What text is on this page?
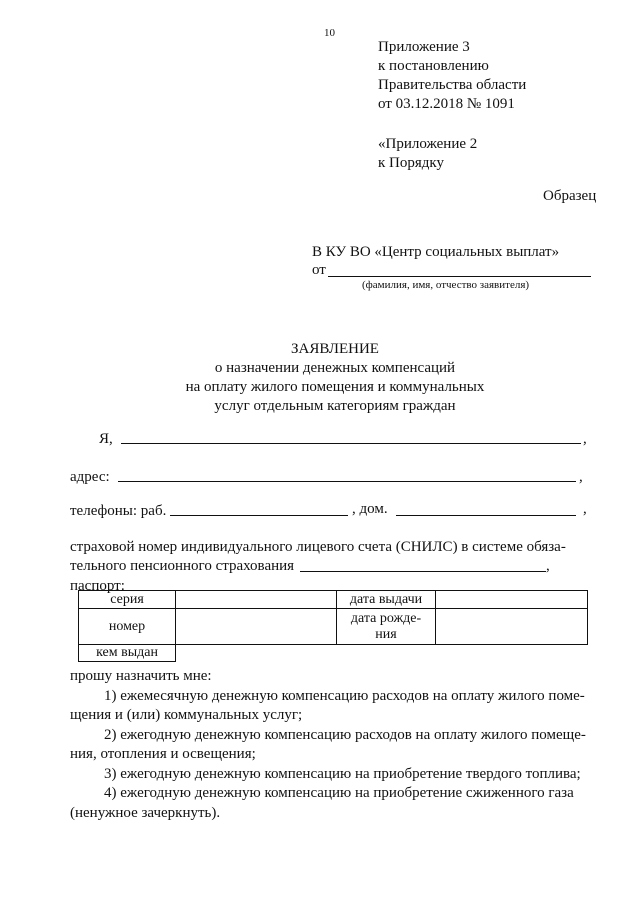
10
Приложение 3
к постановлению
Правительства области
от 03.12.2018 № 1091
«Приложение 2
к Порядку
Образец
В КУ ВО «Центр социальных выплат»
от
(фамилия, имя, отчество заявителя)
ЗАЯВЛЕНИЕ
о назначении денежных компенсаций
на оплату жилого помещения и коммунальных
услуг отдельным категориям граждан
Я,	,
адрес:	,
телефоны: раб.	, дом.	,
страховой номер индивидуального лицевого счета (СНИЛС) в системе обяза-
тельного пенсионного страхования	,
паспорт:
серия		дата выдачи	
номер		дата рожде-
ния	

кем выдан			
прошу назначить мне:
1) ежемесячную денежную компенсацию расходов на оплату жилого поме-
щения и (или) коммунальных услуг;
2) ежегодную денежную компенсацию расходов на оплату жилого помеще-
ния, отопления и освещения;
3) ежегодную денежную компенсацию на приобретение твердого топлива;
4) ежегодную денежную компенсацию на приобретение сжиженного газа
(ненужное зачеркнуть).
